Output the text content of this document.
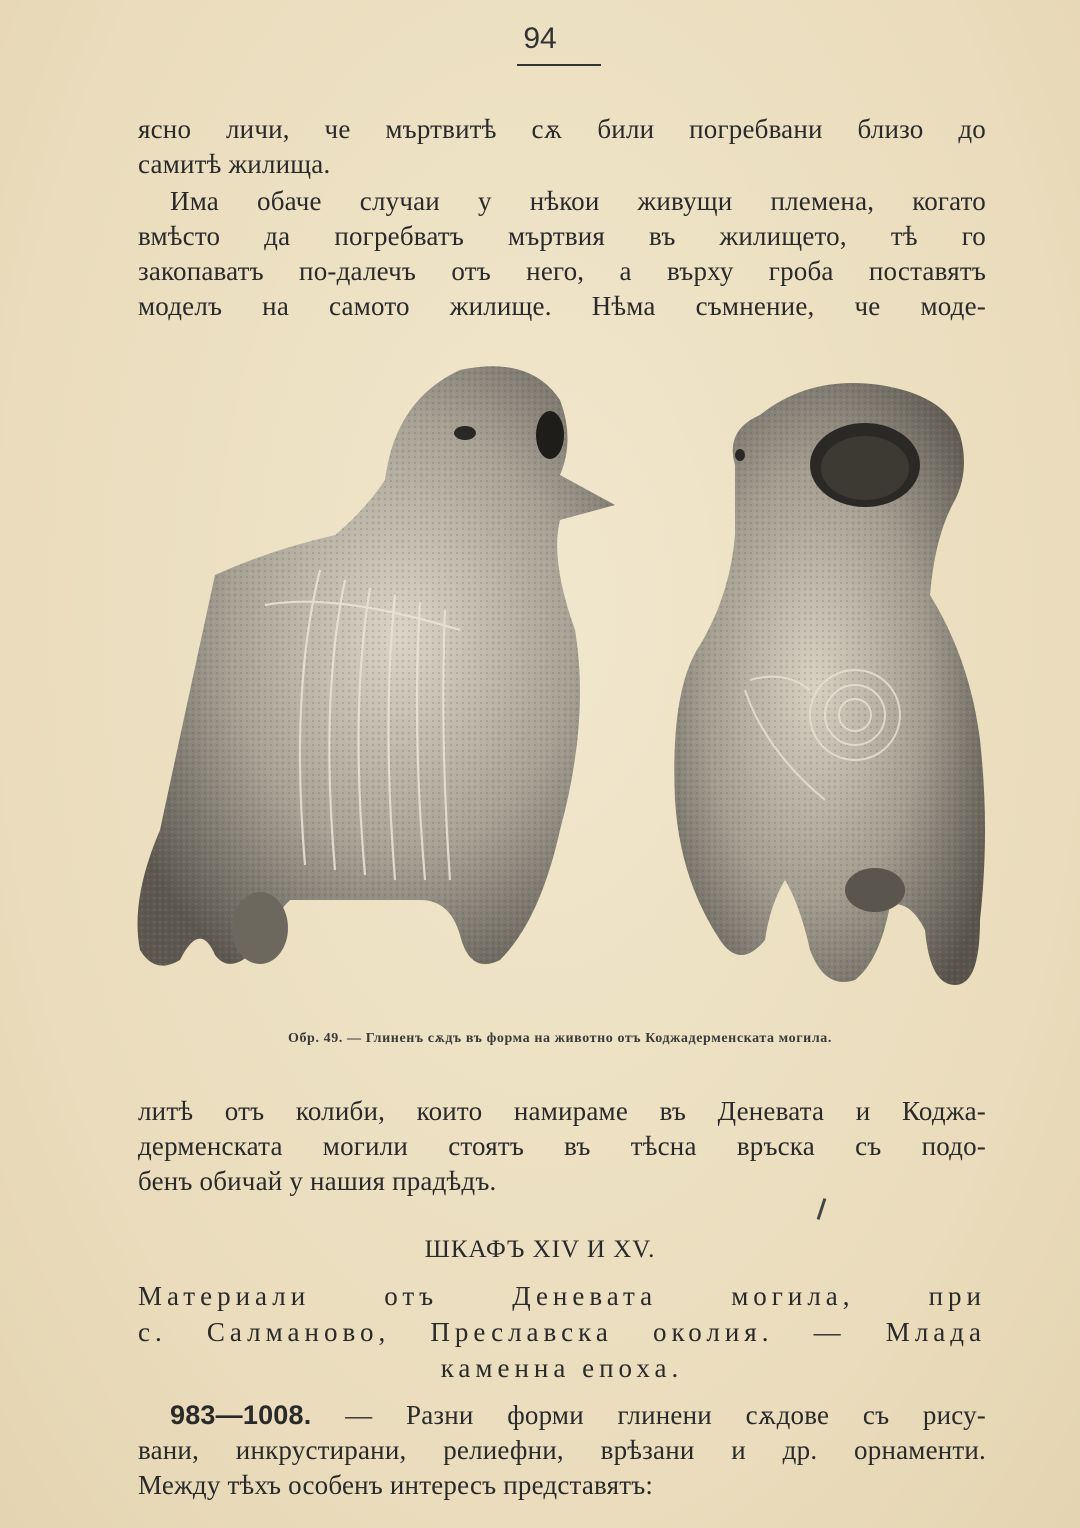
94
ясно личи, че мъртвитѣ сѫ били погребвани близо до
самитѣ жилища.
Има обаче случаи у нѣкои живущи племена, когато
вмѣсто да погребватъ мъртвия въ жилището, тѣ го
закопаватъ по-далечъ отъ него, а върху гроба поставятъ
моделъ на самото жилище. Нѣма съмнение, че моде-
Обр. 49. — Глиненъ сѫдъ въ форма на животно отъ Коджадерменската могила.
литѣ отъ колиби, които намираме въ Деневата и Коджа-
дерменската могили стоятъ въ тѣсна връска съ подо-
бенъ обичай у нашия прадѣдъ.
ШКАФЪ XIV И XV.
Материали отъ Деневата могила, при
с. Салманово, Преславска околия. — Млада
каменна епоха.
983—1008. — Разни форми глинени сѫдове съ рису-
вани, инкрустирани, релиефни, врѣзани и др. орнаменти.
Между тѣхъ особенъ интересъ представятъ:
